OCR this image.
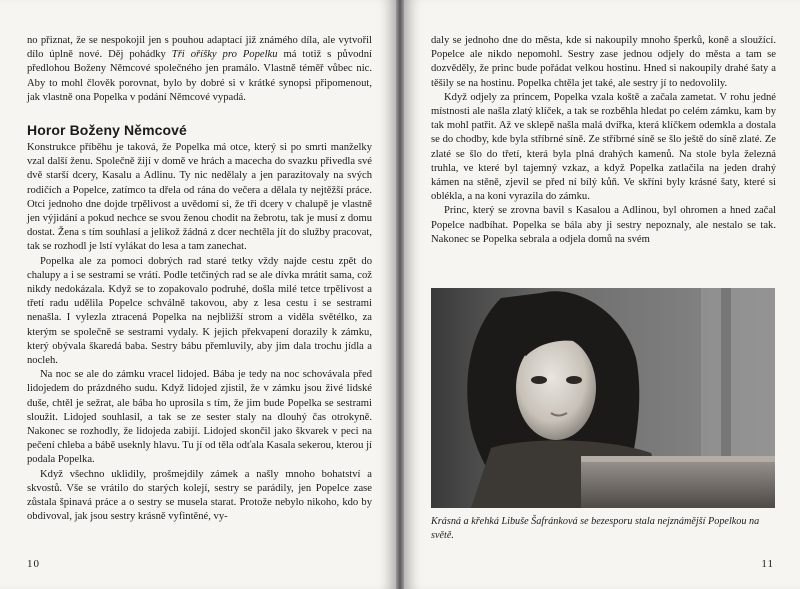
no přiznat, že se nespokojil jen s pouhou adaptací již známého díla, ale vytvořil dílo úplně nové. Děj pohádky Tři oříšky pro Popelku má totiž s původní předlohou Boženy Němcové společného jen pramálo. Vlastně téměř vůbec nic. Aby to mohl člověk porovnat, bylo by dobré si v krátké synopsi připomenout, jak vlastně ona Popelka v podání Němcové vypadá.

Horor Boženy Němcové

Konstrukce příběhu je taková, že Popelka má otce, který si po smrti manželky vzal další ženu. Společně žijí v domě ve hrách a macecha do svazku přivedla své dvě starší dcery, Kasalu a Adlinu. Ty nic nedělaly a jen parazitovaly na svých rodičích a Popelce, zatímco ta dřela od rána do večera a dělala ty nejtěžší práce. Otci jednoho dne dojde trpělivost a uvědomí si, že tři dcery v chalupě je vlastně jen výjidání a pokud nechce se svou ženou chodit na žebrotu, tak je musí z domu dostat. Žena s tím souhlasí a jelikož žádná z dcer nechtěla jít do služby pracovat, tak se rozhodl je lstí vylákat do lesa a tam zanechat.

Popelka ale za pomoci dobrých rad staré tetky vždy najde cestu zpět do chalupy a i se sestrami se vrátí. Podle tetčiných rad se ale dívka mrátit sama, což nikdy nedokázala. Když se to zopakovalo podruhé, došla milé tetce trpělivost a třetí radu udělila Popelce schválně takovou, aby z lesa cestu i se sestrami nenašla. I vylezla ztracená Popelka na nejbližší strom a viděla světélko, za kterým se společně se sestrami vydaly. K jejich překvapení dorazily k zámku, který obývala škaredá baba. Sestry bábu přemluvily, aby jim dala trochu jídla a nocleh.

Na noc se ale do zámku vracel lidojed. Bába je tedy na noc schovávala před lidojedem do prázdného sudu. Když lidojed zjistil, že v zámku jsou živé lidské duše, chtěl je sežrat, ale bába ho uprosila s tím, že jim bude Popelka se sestrami sloužit. Lidojed souhlasil, a tak se ze sester staly na dlouhý čas otrokyně. Nakonec se rozhodly, že lidojeda zabijí. Lidojed skončil jako škvarek v peci na pečení chleba a bábě useknly hlavu. Tu jí od těla odťala Kasala sekerou, kterou jí podala Popelka.

Když všechno uklidily, prošmejdily zámek a našly mnoho bohatství a skvostů. Vše se vrátilo do starých kolejí, sestry se parádily, jen Popelce zase zůstala špinavá práce a o sestry se musela starat. Protože nebylo nikoho, kdo by obdivoval, jak jsou sestry krásně vyfintěné, vy-

10

daly se jednoho dne do města, kde si nakoupily mnoho šperků, koně a sloužící. Popelce ale nikdo nepomohl. Sestry zase jednou odjely do města a tam se dozvěděly, že princ bude pořádat velkou hostinu. Hned si nakoupily drahé šaty a těšily se na hostinu. Popelka chtěla jet také, ale sestry jí to nedovolily.

Když odjely za princem, Popelka vzala koště a začala zametat. V rohu jedné místnosti ale našla zlatý klíček, a tak se rozběhla hledat po celém zámku, kam by tak mohl patřit. Až ve sklepě našla malá dvířka, která klíčkem odemkla a dostala se do chodby, kde byla stříbrné síně. Ze stříbrné síně se šlo ještě do síně zlaté. Ze zlaté se šlo do třetí, která byla plná drahých kamenů. Na stole byla železná truhla, ve které byl tajemný vzkaz, a když Popelka zatlačila na jeden drahý kámen na stěně, zjevil se před ní bílý kůň. Ve skříni byly krásné šaty, které si oblékla, a na koni vyrazila do zámku.

Princ, který se zrovna bavil s Kasalou a Adlinou, byl ohromen a hned začal Popelce nadbíhat. Popelka se bála aby ji sestry nepoznaly, ale nestalo se tak. Nakonec se Popelka sebrala a odjela domů na svém

Krásná a křehká Libuše Šafránková se bezesporu stala nejznámější Popelkou na světě.
11
